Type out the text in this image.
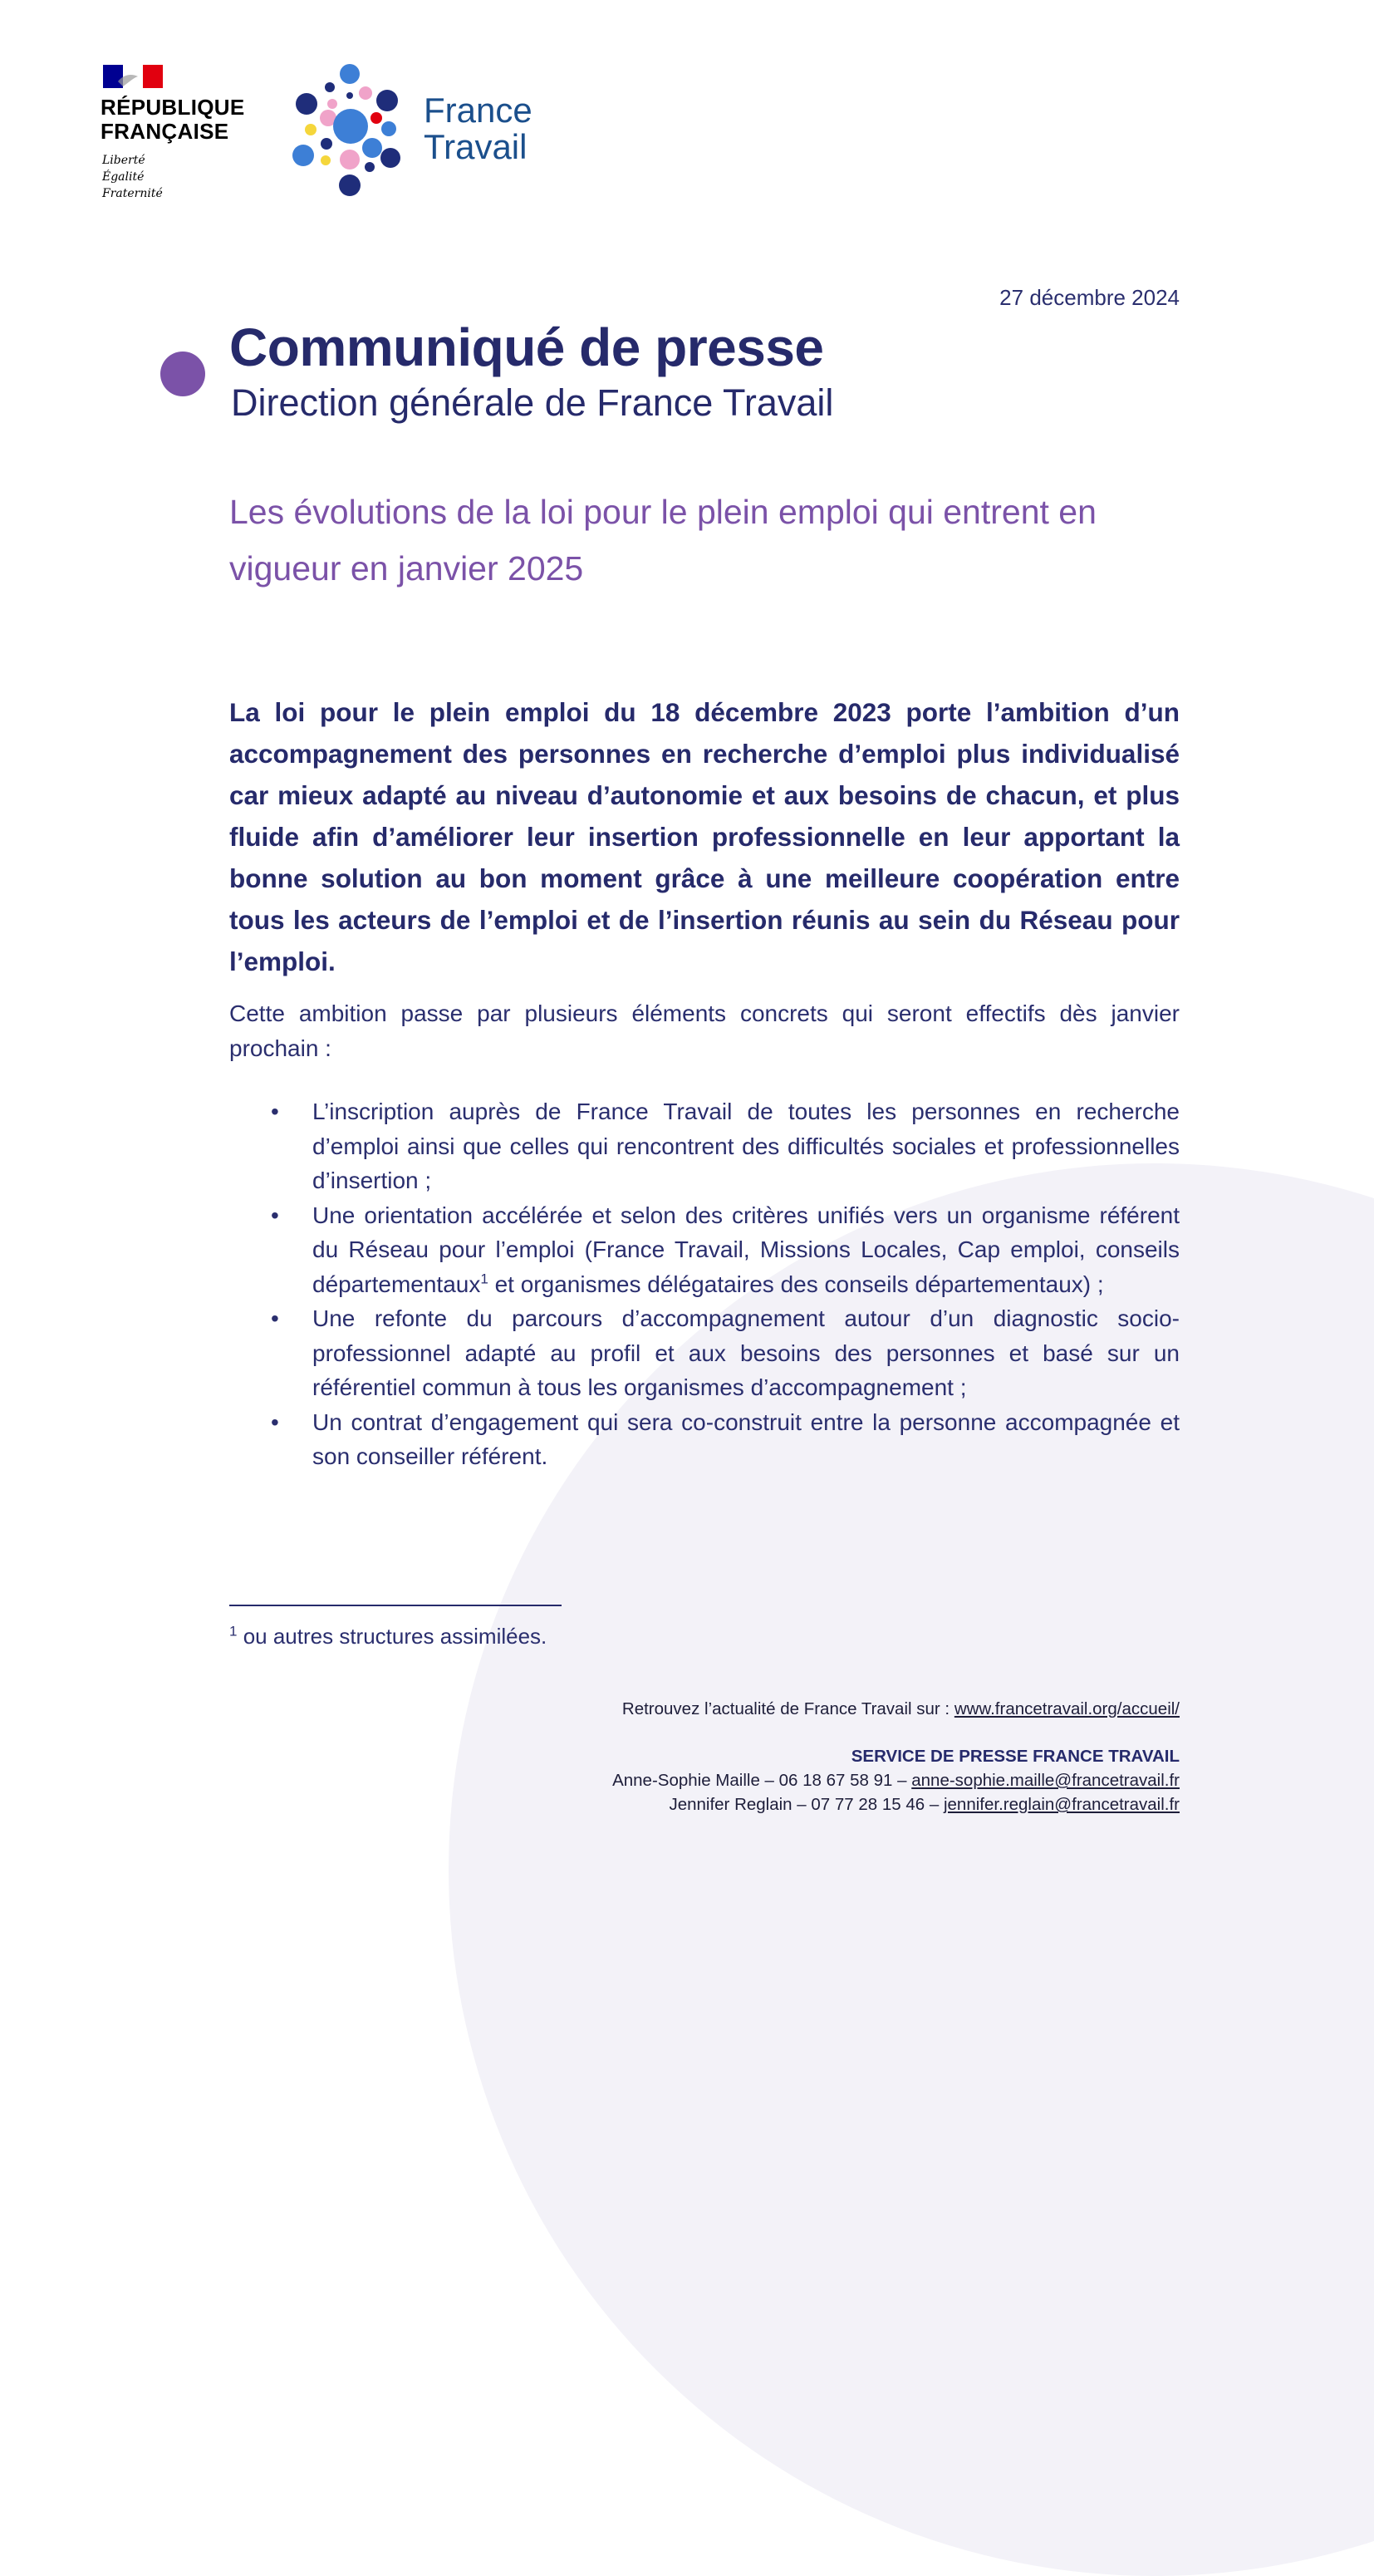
RÉPUBLIQUE
FRANÇAISE
Liberté
Égalité
Fraternité
France
Travail
27 décembre 2024
Communiqué de presse
Direction générale de France Travail
Les évolutions de la loi pour le plein emploi qui entrent en vigueur en janvier 2025
La loi pour le plein emploi du 18 décembre 2023 porte l’ambition d’un accompagnement des personnes en recherche d’emploi plus individualisé car mieux adapté au niveau d’autonomie et aux besoins de chacun, et plus fluide afin d’améliorer leur insertion professionnelle en leur apportant la bonne solution au bon moment grâce à une meilleure coopération entre tous les acteurs de l’emploi et de l’insertion réunis au sein du Réseau pour l’emploi.
Cette ambition passe par plusieurs éléments concrets qui seront effectifs dès janvier prochain :
• L’inscription auprès de France Travail de toutes les personnes en recherche d’emploi ainsi que celles qui rencontrent des difficultés sociales et professionnelles d’insertion ;
• Une orientation accélérée et selon des critères unifiés vers un organisme référent du Réseau pour l’emploi (France Travail, Missions Locales, Cap emploi, conseils départementaux$^1$ et organismes délégataires des conseils départementaux) ;
• Une refonte du parcours d’accompagnement autour d’un diagnostic socio-professionnel adapté au profil et aux besoins des personnes et basé sur un référentiel commun à tous les organismes d’accompagnement ;
• Un contrat d’engagement qui sera co-construit entre la personne accompagnée et son conseiller référent.
$^1$ ou autres structures assimilées.
Retrouvez l’actualité de France Travail sur : www.francetravail.org/accueil/
SERVICE DE PRESSE FRANCE TRAVAIL
Anne-Sophie Maille – 06 18 67 58 91 – anne-sophie.maille@francetravail.fr
Jennifer Reglain – 07 77 28 15 46 – jennifer.reglain@francetravail.fr
